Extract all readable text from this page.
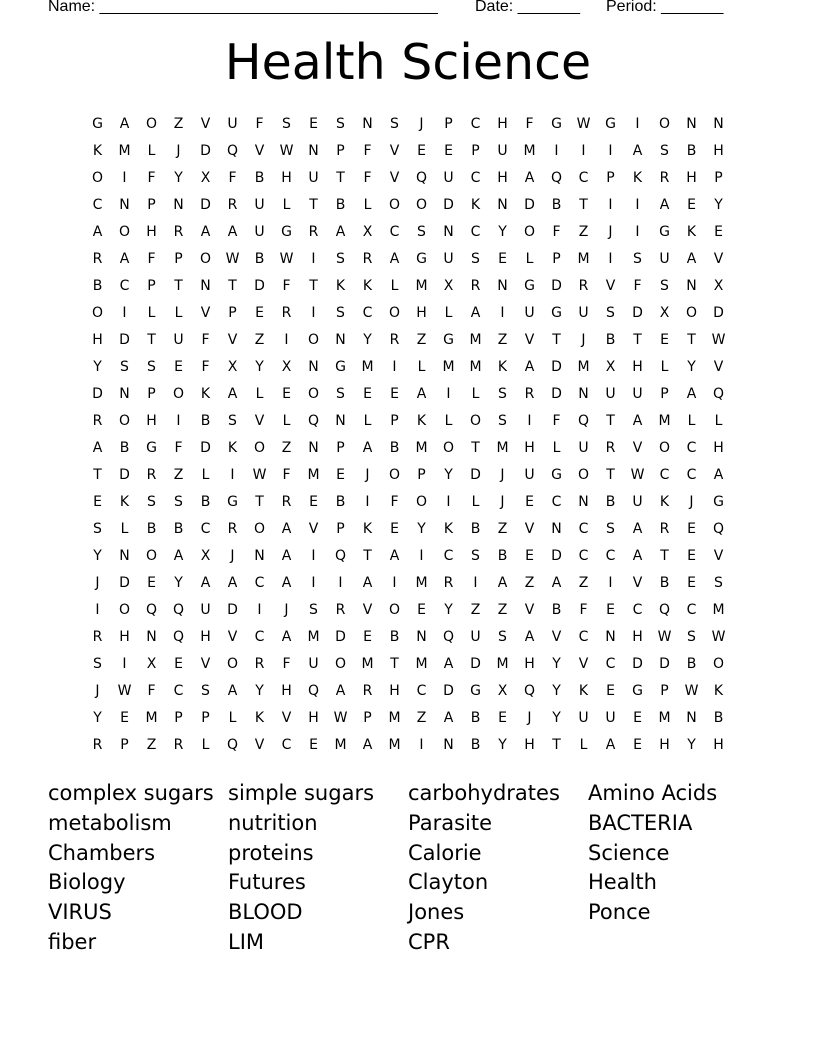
Name: ______________________________________ Date: _______ Period: _______
Health Science
G	A	O	Z	V	U	F	S	E	S	N	S	J	P	C	H	F	G	W	G	I	O	N	N
K	M	L	J	D	Q	V	W	N	P	F	V	E	E	P	U	M	I	I	I	A	S	B	H
O	I	F	Y	X	F	B	H	U	T	F	V	Q	U	C	H	A	Q	C	P	K	R	H	P
C	N	P	N	D	R	U	L	T	B	L	O	O	D	K	N	D	B	T	I	I	A	E	Y
A	O	H	R	A	A	U	G	R	A	X	C	S	N	C	Y	O	F	Z	J	I	G	K	E
R	A	F	P	O	W	B	W	I	S	R	A	G	U	S	E	L	P	M	I	S	U	A	V
B	C	P	T	N	T	D	F	T	K	K	L	M	X	R	N	G	D	R	V	F	S	N	X
O	I	L	L	V	P	E	R	I	S	C	O	H	L	A	I	U	G	U	S	D	X	O	D
H	D	T	U	F	V	Z	I	O	N	Y	R	Z	G	M	Z	V	T	J	B	T	E	T	W
Y	S	S	E	F	X	Y	X	N	G	M	I	L	M	M	K	A	D	M	X	H	L	Y	V
D	N	P	O	K	A	L	E	O	S	E	E	A	I	L	S	R	D	N	U	U	P	A	Q
R	O	H	I	B	S	V	L	Q	N	L	P	K	L	O	S	I	F	Q	T	A	M	L	L
A	B	G	F	D	K	O	Z	N	P	A	B	M	O	T	M	H	L	U	R	V	O	C	H
T	D	R	Z	L	I	W	F	M	E	J	O	P	Y	D	J	U	G	O	T	W	C	C	A
E	K	S	S	B	G	T	R	E	B	I	F	O	I	L	J	E	C	N	B	U	K	J	G
S	L	B	B	C	R	O	A	V	P	K	E	Y	K	B	Z	V	N	C	S	A	R	E	Q
Y	N	O	A	X	J	N	A	I	Q	T	A	I	C	S	B	E	D	C	C	A	T	E	V
J	D	E	Y	A	A	C	A	I	I	A	I	M	R	I	A	Z	A	Z	I	V	B	E	S
I	O	Q	Q	U	D	I	J	S	R	V	O	E	Y	Z	Z	V	B	F	E	C	Q	C	M
R	H	N	Q	H	V	C	A	M	D	E	B	N	Q	U	S	A	V	C	N	H	W	S	W
S	I	X	E	V	O	R	F	U	O	M	T	M	A	D	M	H	Y	V	C	D	D	B	O
J	W	F	C	S	A	Y	H	Q	A	R	H	C	D	G	X	Q	Y	K	E	G	P	W	K
Y	E	M	P	P	L	K	V	H	W	P	M	Z	A	B	E	J	Y	U	U	E	M	N	B
R	P	Z	R	L	Q	V	C	E	M	A	M	I	N	B	Y	H	T	L	A	E	H	Y	H
complex sugars
metabolism
Chambers
Biology
VIRUS
fiber
simple sugars
nutrition
proteins
Futures
BLOOD
LIM
carbohydrates
Parasite
Calorie
Clayton
Jones
CPR
Amino Acids
BACTERIA
Science
Health
Ponce
